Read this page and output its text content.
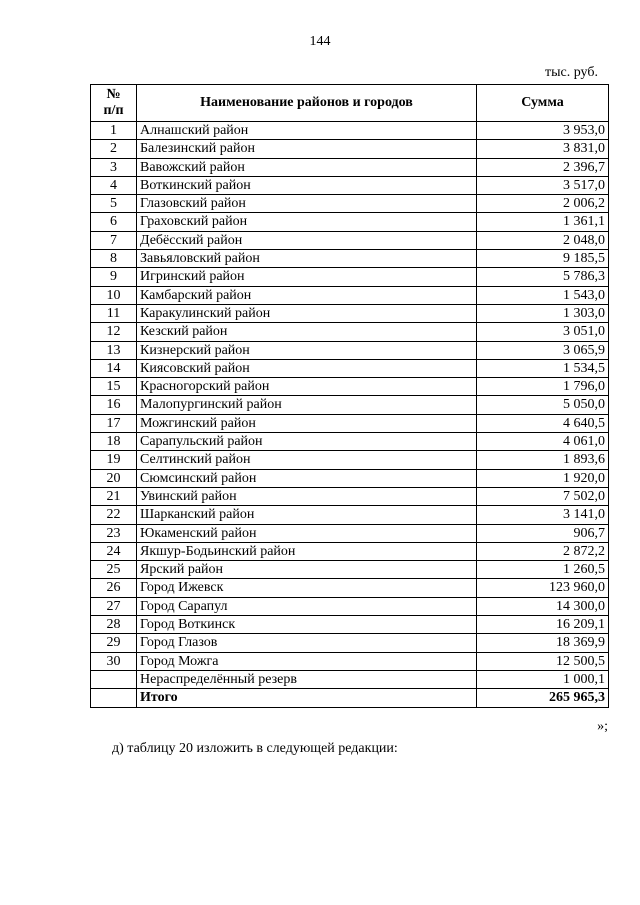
144
тыс. руб.
№
п/п	Наименование районов и городов	Сумма
1	Алнашский район	3 953,0
2	Балезинский район	3 831,0
3	Вавожский район	2 396,7
4	Воткинский район	3 517,0
5	Глазовский район	2 006,2
6	Граховский район	1 361,1
7	Дебёсский район	2 048,0
8	Завьяловский район	9 185,5
9	Игринский район	5 786,3
10	Камбарский район	1 543,0
11	Каракулинский район	1 303,0
12	Кезский район	3 051,0
13	Кизнерский район	3 065,9
14	Киясовский район	1 534,5
15	Красногорский район	1 796,0
16	Малопургинский район	5 050,0
17	Можгинский район	4 640,5
18	Сарапульский район	4 061,0
19	Селтинский район	1 893,6
20	Сюмсинский район	1 920,0
21	Увинский район	7 502,0
22	Шарканский район	3 141,0
23	Юкаменский район	906,7
24	Якшур-Бодьинский район	2 872,2
25	Ярский район	1 260,5
26	Город Ижевск	123 960,0
27	Город Сарапул	14 300,0
28	Город Воткинск	16 209,1
29	Город Глазов	18 369,9
30	Город Можга	12 500,5
	Нераспределённый резерв	1 000,1
	Итого	265 965,3
»;
д) таблицу 20 изложить в следующей редакции:
